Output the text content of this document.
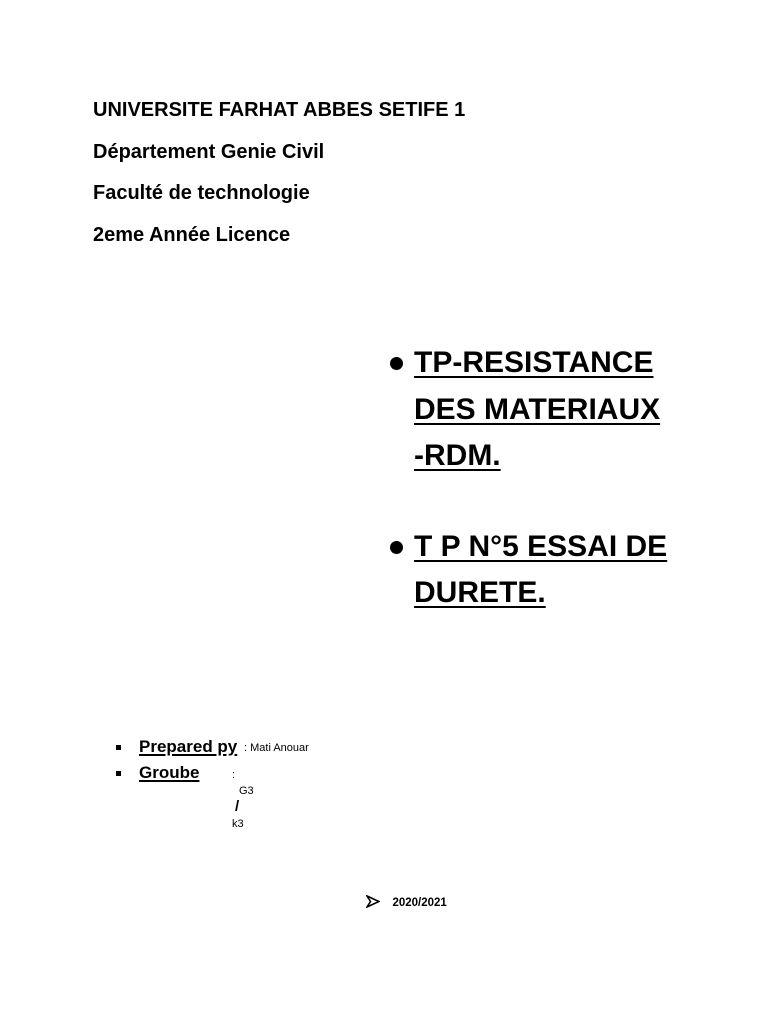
UNIVERSITE FARHAT ABBES SETIFE 1
Département Genie Civil
Faculté de technologie
2eme Année Licence
TP-RESISTANCE
DES MATERIAUX
-RDM.
T P N°5 ESSAI DE
DURETE.
Prepared py : Mati Anouar
Groube	: G3 / k3
2020/2021
